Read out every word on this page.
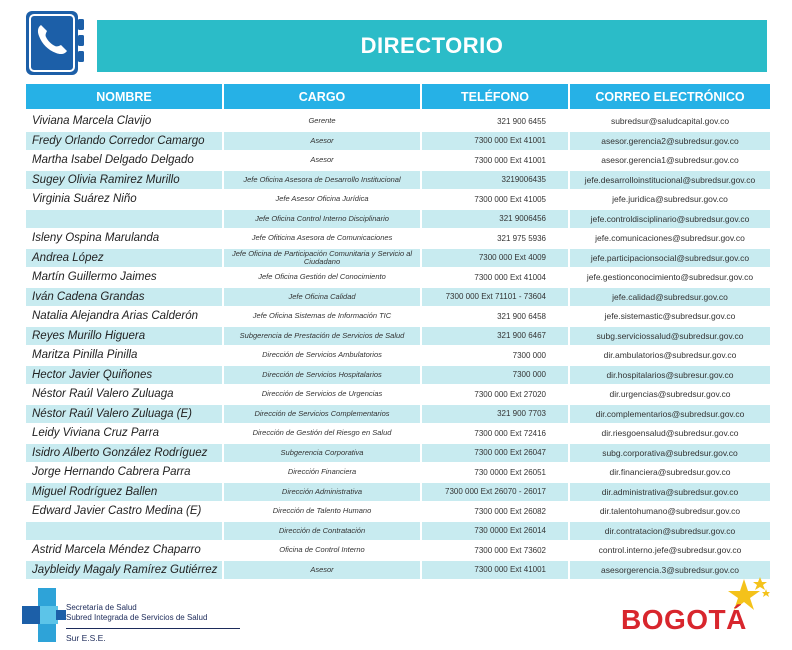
DIRECTORIO
NOMBRE	CARGO	TELÉFONO	CORREO ELECTRÓNICO
Viviana Marcela Clavijo	Gerente	321 900 6455	subredsur@saludcapital.gov.co
Fredy Orlando Corredor Camargo	Asesor	7300 000 Ext 41001	asesor.gerencia2@subredsur.gov.co
Martha Isabel Delgado Delgado	Asesor	7300 000 Ext 41001	asesor.gerencia1@subredsur.gov.co
Sugey Olivia Ramirez Murillo	Jefe Oficina Asesora de Desarrollo Institucional	3219006435	jefe.desarrolloinstitucional@subredsur.gov.co
Virginia Suárez Niño	Jefe Asesor Oficina Jurídica	7300 000 Ext 41005	jefe.juridica@subredsur.gov.co
	Jefe Oficina Control Interno Disciplinario	321 9006456	jefe.controldisciplinario@subredsur.gov.co
Isleny Ospina Marulanda	Jefe Ofiticina Asesora de Comunicaciones	321 975 5936	jefe.comunicaciones@subredsur.gov.co
Andrea López	Jefe Oficina de Participación Comunitaria y Servicio al Ciudadano	7300 000 Ext 4009	jefe.participacionsocial@subredsur.gov.co
Martín Guillermo Jaimes	Jefe Oficina Gestión del Conocimiento	7300 000 Ext 41004	jefe.gestionconocimiento@subredsur.gov.co
Iván Cadena Grandas	Jefe Oficina Calidad	7300 000 Ext 71101 - 73604	jefe.calidad@subredsur.gov.co
Natalia Alejandra Arias Calderón	Jefe Oficina Sistemas de Información TIC	321 900 6458	jefe.sistemastic@subredsur.gov.co
Reyes Murillo Higuera	Subgerencia de Prestación de Servicios de Salud	321 900 6467	subg.serviciossalud@subredsur.gov.co
Maritza Pinilla Pinilla	Dirección de Servicios Ambulatorios	7300 000	dir.ambulatorios@subredsur.gov.co
Hector Javier Quiñones	Dirección de Servicios Hospitalarios	7300 000	dir.hospitalarios@subresur.gov.co
Néstor Raúl Valero Zuluaga	Dirección de Servicios de Urgencias	7300 000 Ext 27020	dir.urgencias@subredsur.gov.co
Néstor Raúl Valero Zuluaga (E)	Dirección de Servicios Complementarios	321 900 7703	dir.complementarios@subredsur.gov.co
Leidy Viviana Cruz Parra	Dirección de Gestión del Riesgo en Salud	7300 000 Ext 72416	dir.riesgoensalud@subredsur.gov.co
Isidro Alberto González Rodríguez	Subgerencia Corporativa	7300 000 Ext 26047	subg.corporativa@subredsur.gov.co
Jorge Hernando Cabrera Parra	Dirección Financiera	730 0000 Ext 26051	dir.financiera@subredsur.gov.co
Miguel Rodríguez Ballen	Dirección Administrativa	7300 000 Ext 26070 - 26017	dir.administrativa@subredsur.gov.co
Edward Javier Castro Medina (E)	Dirección de Talento Humano	7300 000 Ext 26082	dir.talentohumano@subredsur.gov.co
	Dirección de Contratación	730 0000 Ext 26014	dir.contratacion@subredsur.gov.co
Astrid Marcela Méndez Chaparro	Oficina de Control Interno	7300 000 Ext 73602	control.interno.jefe@subredsur.gov.co
Jaybleidy Magaly Ramírez Gutiérrez	Asesor	7300 000 Ext 41001	asesorgerencia.3@subredsur.gov.co
Secretaría de Salud
Subred Integrada de Servicios de Salud
Sur E.S.E.
BOGOTÁ
